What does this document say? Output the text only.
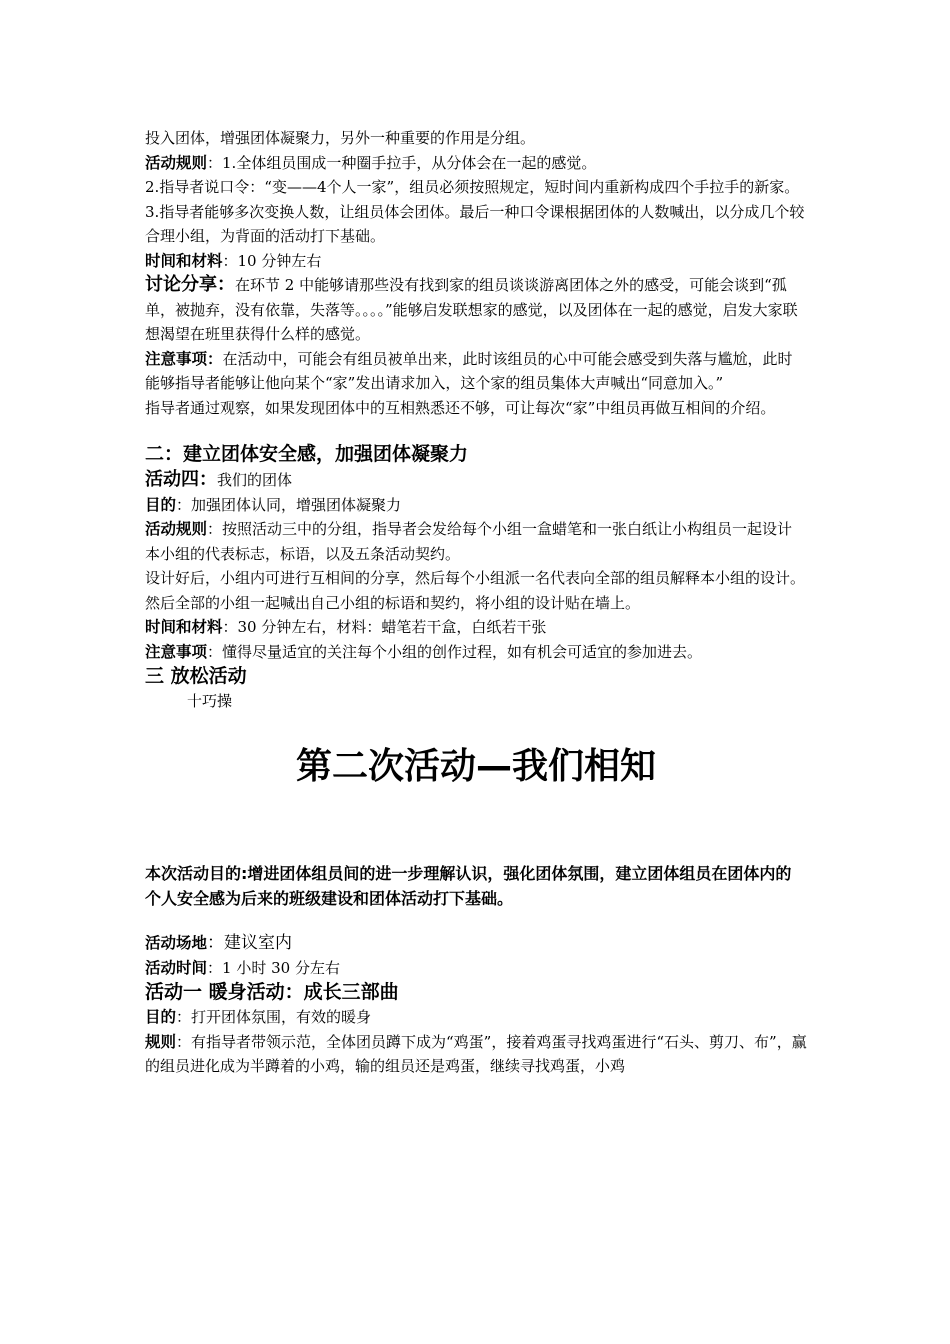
投入团体，增强团体凝聚力，另外一种重要的作用是分组。

活动规则：1.全体组员围成一种圈手拉手，从分体会在一起的感觉。

2.指导者说口令：“变——4个人一家”，组员必须按照规定，短时间内重新构成四个手拉手的新家。

3.指导者能够多次变换人数，让组员体会团体。最后一种口令课根据团体的人数喊出，以分成几个较合理小组，为背面的活动打下基础。

时间和材料：10 分钟左右

讨论分享：在环节 2 中能够请那些没有找到家的组员谈谈游离团体之外的感受，可能会谈到“孤单，被抛弃，没有依靠，失落等。。。。”能够启发联想家的感觉，以及团体在一起的感觉，启发大家联想渴望在班里获得什么样的感觉。

注意事项：在活动中，可能会有组员被单出来，此时该组员的心中可能会感受到失落与尴尬，此时能够指导者能够让他向某个“家”发出请求加入，这个家的组员集体大声喊出“同意加入。”

指导者通过观察，如果发现团体中的互相熟悉还不够，可让每次“家”中组员再做互相间的介绍。

二：建立团体安全感，加强团体凝聚力

活动四：我们的团体

目的：加强团体认同，增强团体凝聚力

活动规则：按照活动三中的分组，指导者会发给每个小组一盒蜡笔和一张白纸让小构组员一起设计本小组的代表标志，标语，以及五条活动契约。

设计好后，小组内可进行互相间的分享，然后每个小组派一名代表向全部的组员解释本小组的设计。

然后全部的小组一起喊出自己小组的标语和契约，将小组的设计贴在墙上。

时间和材料：30 分钟左右，材料：蜡笔若干盒，白纸若干张

注意事项：懂得尽量适宜的关注每个小组的创作过程，如有机会可适宜的参加进去。

三 放松活动

十巧操

第二次活动—我们相知

本次活动目的:增进团体组员间的进一步理解认识，强化团体氛围，建立团体组员在团体内的个人安全感为后来的班级建设和团体活动打下基础。

活动场地：建议室内

活动时间：1 小时 30 分左右

活动一 暖身活动：成长三部曲

目的：打开团体氛围，有效的暖身

规则：有指导者带领示范，全体团员蹲下成为“鸡蛋”，接着鸡蛋寻找鸡蛋进行“石头、剪刀、布”，赢的组员进化成为半蹲着的小鸡，输的组员还是鸡蛋，继续寻找鸡蛋，小鸡
